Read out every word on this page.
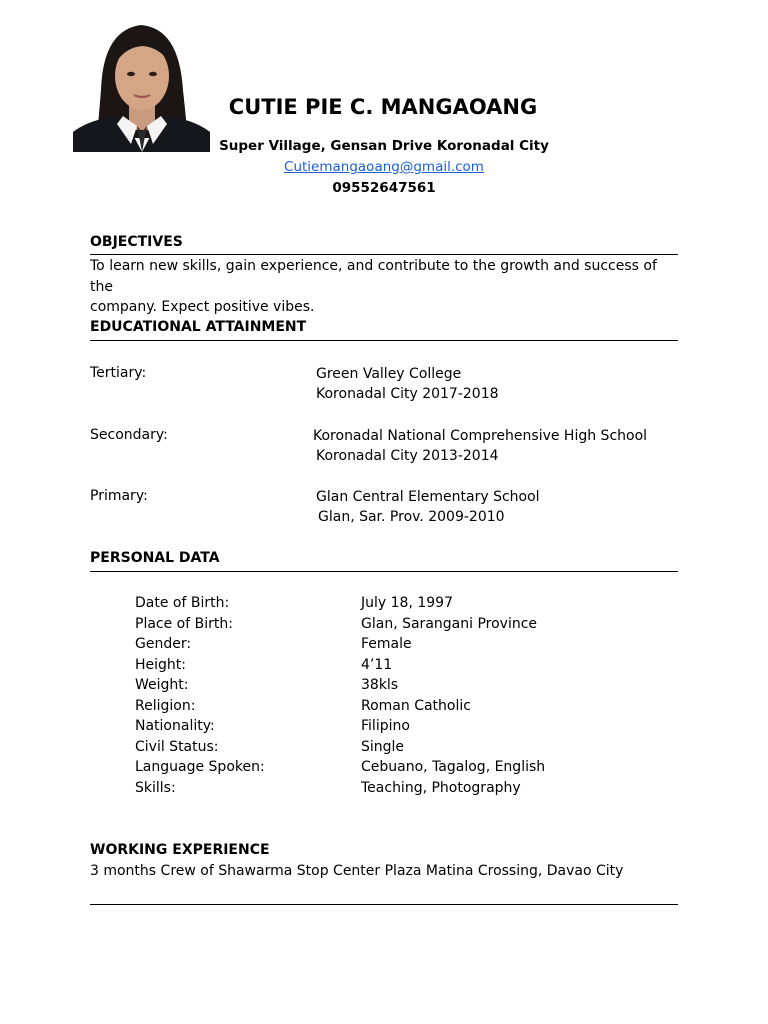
CUTIE PIE C. MANGAOANG
Super Village, Gensan Drive Koronadal City
Cutiemangaoang@gmail.com
09552647561
OBJECTIVES
To learn new skills, gain experience, and contribute to the growth and success of the
company. Expect positive vibes.
EDUCATIONAL ATTAINMENT
Tertiary:	Green Valley College
Koronadal City 2017-2018
Secondary:	Koronadal National Comprehensive High School
Koronadal City 2013-2014
Primary:	Glan Central Elementary School
Glan, Sar. Prov. 2009-2010
PERSONAL DATA
Date of Birth:	July 18, 1997
Place of Birth:	Glan, Sarangani Province
Gender:	Female
Height:	4’11
Weight:	38kls
Religion:	Roman Catholic
Nationality:	Filipino
Civil Status:	Single
Language Spoken:	Cebuano, Tagalog, English
Skills:	Teaching, Photography
WORKING EXPERIENCE
3 months Crew of Shawarma Stop Center Plaza Matina Crossing, Davao City
